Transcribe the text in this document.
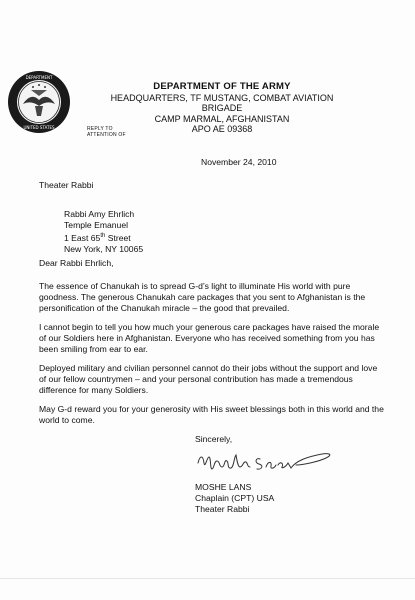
DEPARTMENT
UNITED STATES
DEPARTMENT OF THE ARMY
HEADQUARTERS, TF MUSTANG, COMBAT AVIATION BRIGADE
CAMP MARMAL, AFGHANISTAN
APO AE 09368
REPLY TO
ATTENTION OF
November 24, 2010
Theater Rabbi
Rabbi Amy Ehrlich
Temple Emanuel
1 East 65th Street
New York, NY 10065
Dear Rabbi Ehrlich,
The essence of Chanukah is to spread G-d’s light to illuminate His world with pure goodness. The generous Chanukah care packages that you sent to Afghanistan is the personification of the Chanukah miracle – the good that prevailed.
I cannot begin to tell you how much your generous care packages have raised the morale of our Soldiers here in Afghanistan. Everyone who has received something from you has been smiling from ear to ear.
Deployed military and civilian personnel cannot do their jobs without the support and love of our fellow countrymen – and your personal contribution has made a tremendous difference for many Soldiers.
May G-d reward you for your generosity with His sweet blessings both in this world and the world to come.
Sincerely,
MOSHE LANS
Chaplain (CPT) USA
Theater Rabbi
